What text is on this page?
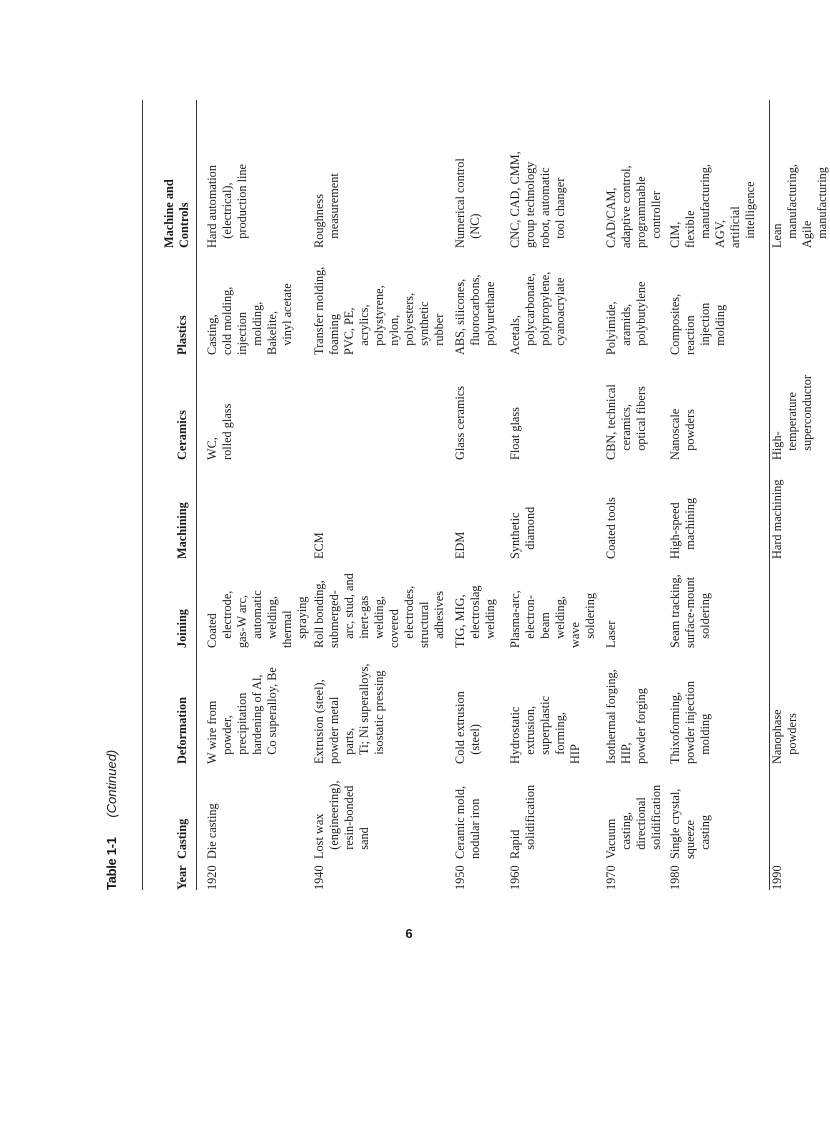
Table 1-1 (Continued)
Year
Casting
Deformation
Joining
Machining
Ceramics
Plastics
Machine and
Controls
1920
Die casting
W wire from
powder,
precipitation
hardening of Al,
Co superalloy, Be
Coated
electrode,
gas-W arc,
automatic
welding,
thermal
spraying
WC,
rolled glass
Casting,
cold molding,
injection
molding,
Bakelite,
vinyl acetate
Hard automation
(electrical),
production line
1940
Lost wax
(engineering),
resin-bonded
sand
Extrusion (steel),
powder metal
parts,
Ti; Ni superalloys,
isostatic pressing
Roll bonding,
submerged-
arc, stud, and
inert-gas
welding,
covered
electrodes,
structural
adhesives
ECM
Transfer molding,
foaming
PVC, PE,
acrylics,
polystyrene,
nylon,
polyesters,
synthetic
rubber
Roughness
measurement
1950
Ceramic mold,
nodular iron
Cold extrusion
(steel)
TIG, MIG,
electroslag
welding
EDM
Glass ceramics
ABS, silicones,
fluorocarbons,
polyurethane
Numerical control
(NC)
1960
Rapid
solidification
Hydrostatic
extrusion,
superplastic
forming,
HIP
Plasma-arc,
electron-
beam
welding,
wave
soldering
Synthetic
diamond
Float glass
Acetals,
polycarbonate,
polypropylene,
cyanoacrylate
CNC, CAD, CMM,
group technology
robot, automatic
tool changer
1970
Vacuum
casting,
directional
solidification
Isothermal forging,
HIP,
powder forging
Laser
Coated tools
CBN, technical
ceramics,
optical fibers
Polyimide,
aramids,
polybutylene
CAD/CAM,
adaptive control,
programmable
controller
1980
Single crystal,
squeeze
casting
Thixoforming,
powder injection
molding
Seam tracking,
surface-mount
soldering
High-speed
machining
Nanoscale
powders
Composites,
reaction
injection
molding
CIM,
flexible
manufacturing,
AGV,
artificial
intelligence
1990
Nanophase
powders
Hard machining
High-
temperature
superconductor
Lean
manufacturing,
Agile
manufacturing
6
